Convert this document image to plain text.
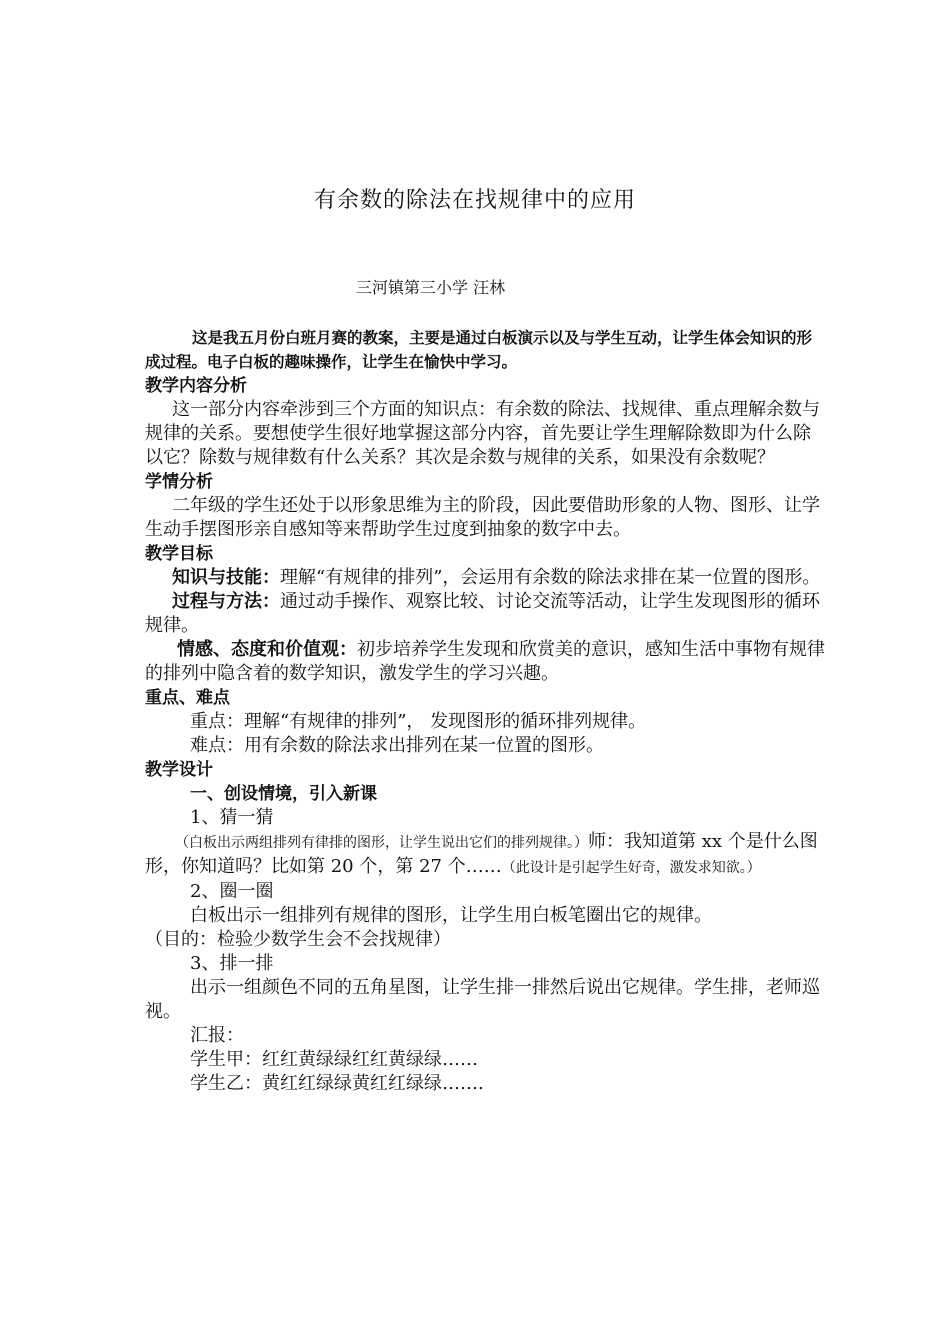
有余数的除法在找规律中的应用
三河镇第三小学 汪林

这是我五月份白班月赛的教案，主要是通过白板演示以及与学生互动，让学生体会知识的形成过程。电子白板的趣味操作，让学生在愉快中学习。

教学内容分析

这一部分内容牵涉到三个方面的知识点：有余数的除法、找规律、重点理解余数与规律的关系。要想使学生很好地掌握这部分内容，首先要让学生理解除数即为什么除以它？除数与规律数有什么关系？其次是余数与规律的关系，如果没有余数呢？

学情分析

二年级的学生还处于以形象思维为主的阶段，因此要借助形象的人物、图形、让学生动手摆图形亲自感知等来帮助学生过度到抽象的数字中去。

教学目标

知识与技能：理解“有规律的排列”，会运用有余数的除法求排在某一位置的图形。

过程与方法：通过动手操作、观察比较、讨论交流等活动，让学生发现图形的循环规律。

情感、态度和价值观：初步培养学生发现和欣赏美的意识，感知生活中事物有规律的排列中隐含着的数学知识，激发学生的学习兴趣。

重点、难点

重点：理解“有规律的排列”， 发现图形的循环排列规律。

难点：用有余数的除法求出排列在某一位置的图形。

教学设计

一、创设情境，引入新课

1、猜一猜

（白板出示两组排列有律排的图形，让学生说出它们的排列规律。）师：我知道第 xx 个是什么图形，你知道吗？比如第 20 个，第 27 个……（此设计是引起学生好奇，激发求知欲。）

2、圈一圈

白板出示一组排列有规律的图形，让学生用白板笔圈出它的规律。

（目的：检验少数学生会不会找规律）

3、排一排

出示一组颜色不同的五角星图，让学生排一排然后说出它规律。学生排，老师巡视。

汇报：

学生甲：红红黄绿绿红红黄绿绿……

学生乙：黄红红绿绿黄红红绿绿…….
